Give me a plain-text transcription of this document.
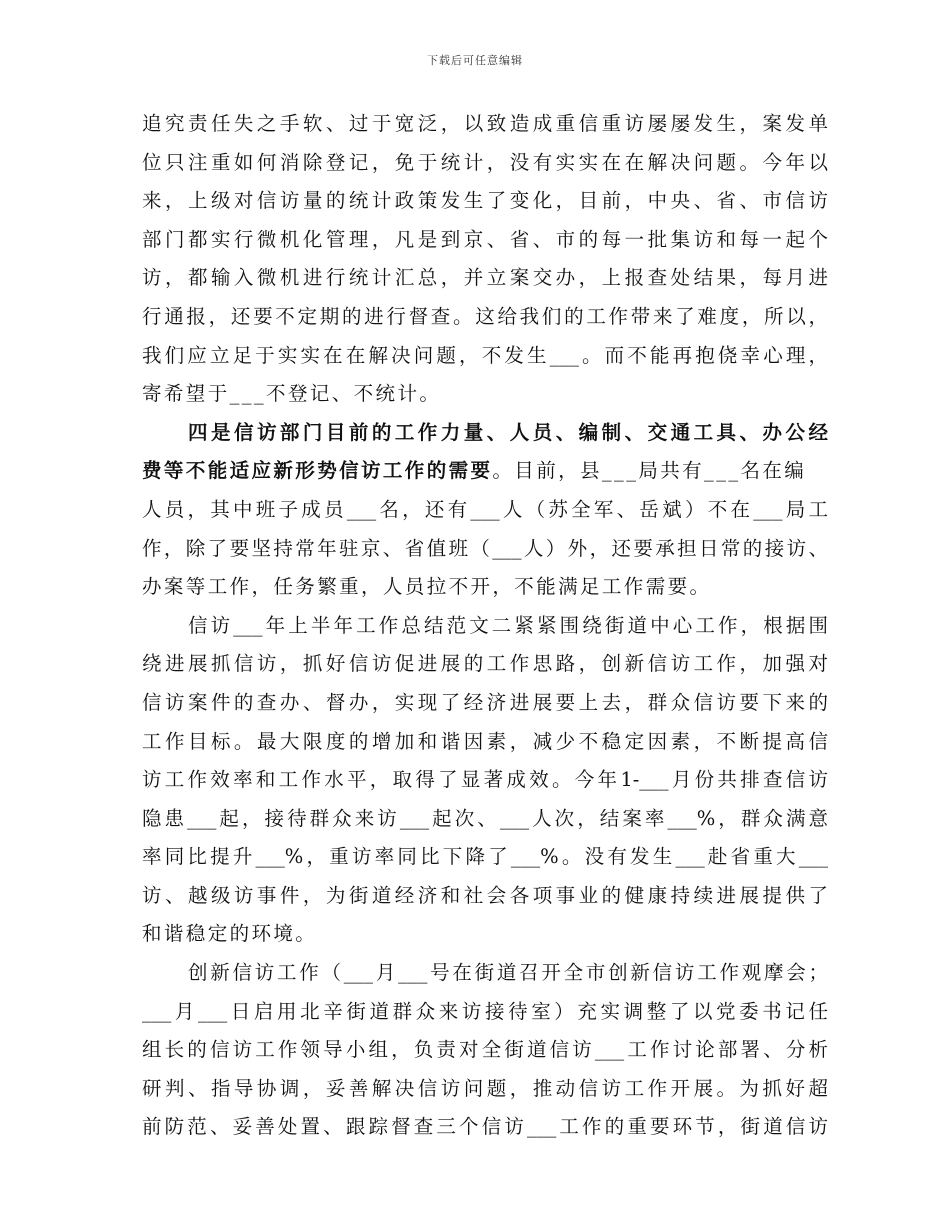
下载后可任意编辑
追究责任失之手软、过于宽泛，以致造成重信重访屡屡发生，案发单
位只注重如何消除登记，免于统计，没有实实在在解决问题。今年以
来，上级对信访量的统计政策发生了变化，目前，中央、省、市信访
部门都实行微机化管理，凡是到京、省、市的每一批集访和每一起个
访，都输入微机进行统计汇总，并立案交办，上报查处结果，每月进
行通报，还要不定期的进行督查。这给我们的工作带来了难度，所以，
我们应立足于实实在在解决问题，不发生___。而不能再抱侥幸心理，
寄希望于___不登记、不统计。
四是信访部门目前的工作力量、人员、编制、交通工具、办公经
费等不能适应新形势信访工作的需要。目前，县___局共有___名在编
人员，其中班子成员___名，还有___人（苏全军、岳斌）不在___局工
作，除了要坚持常年驻京、省值班（___人）外，还要承担日常的接访、
办案等工作，任务繁重，人员拉不开，不能满足工作需要。
信访___年上半年工作总结范文二紧紧围绕街道中心工作，根据围
绕进展抓信访，抓好信访促进展的工作思路，创新信访工作，加强对
信访案件的查办、督办，实现了经济进展要上去，群众信访要下来的
工作目标。最大限度的增加和谐因素，减少不稳定因素，不断提高信
访工作效率和工作水平，取得了显著成效。今年1-___月份共排查信访
隐患___起，接待群众来访___起次、___人次，结案率___%，群众满意
率同比提升___%，重访率同比下降了___%。没有发生___赴省重大___
访、越级访事件，为街道经济和社会各项事业的健康持续进展提供了
和谐稳定的环境。
创新信访工作（___月___号在街道召开全市创新信访工作观摩会；
___月___日启用北辛街道群众来访接待室）充实调整了以党委书记任
组长的信访工作领导小组，负责对全街道信访___工作讨论部署、分析
研判、指导协调，妥善解决信访问题，推动信访工作开展。为抓好超
前防范、妥善处置、跟踪督查三个信访___工作的重要环节，街道信访
